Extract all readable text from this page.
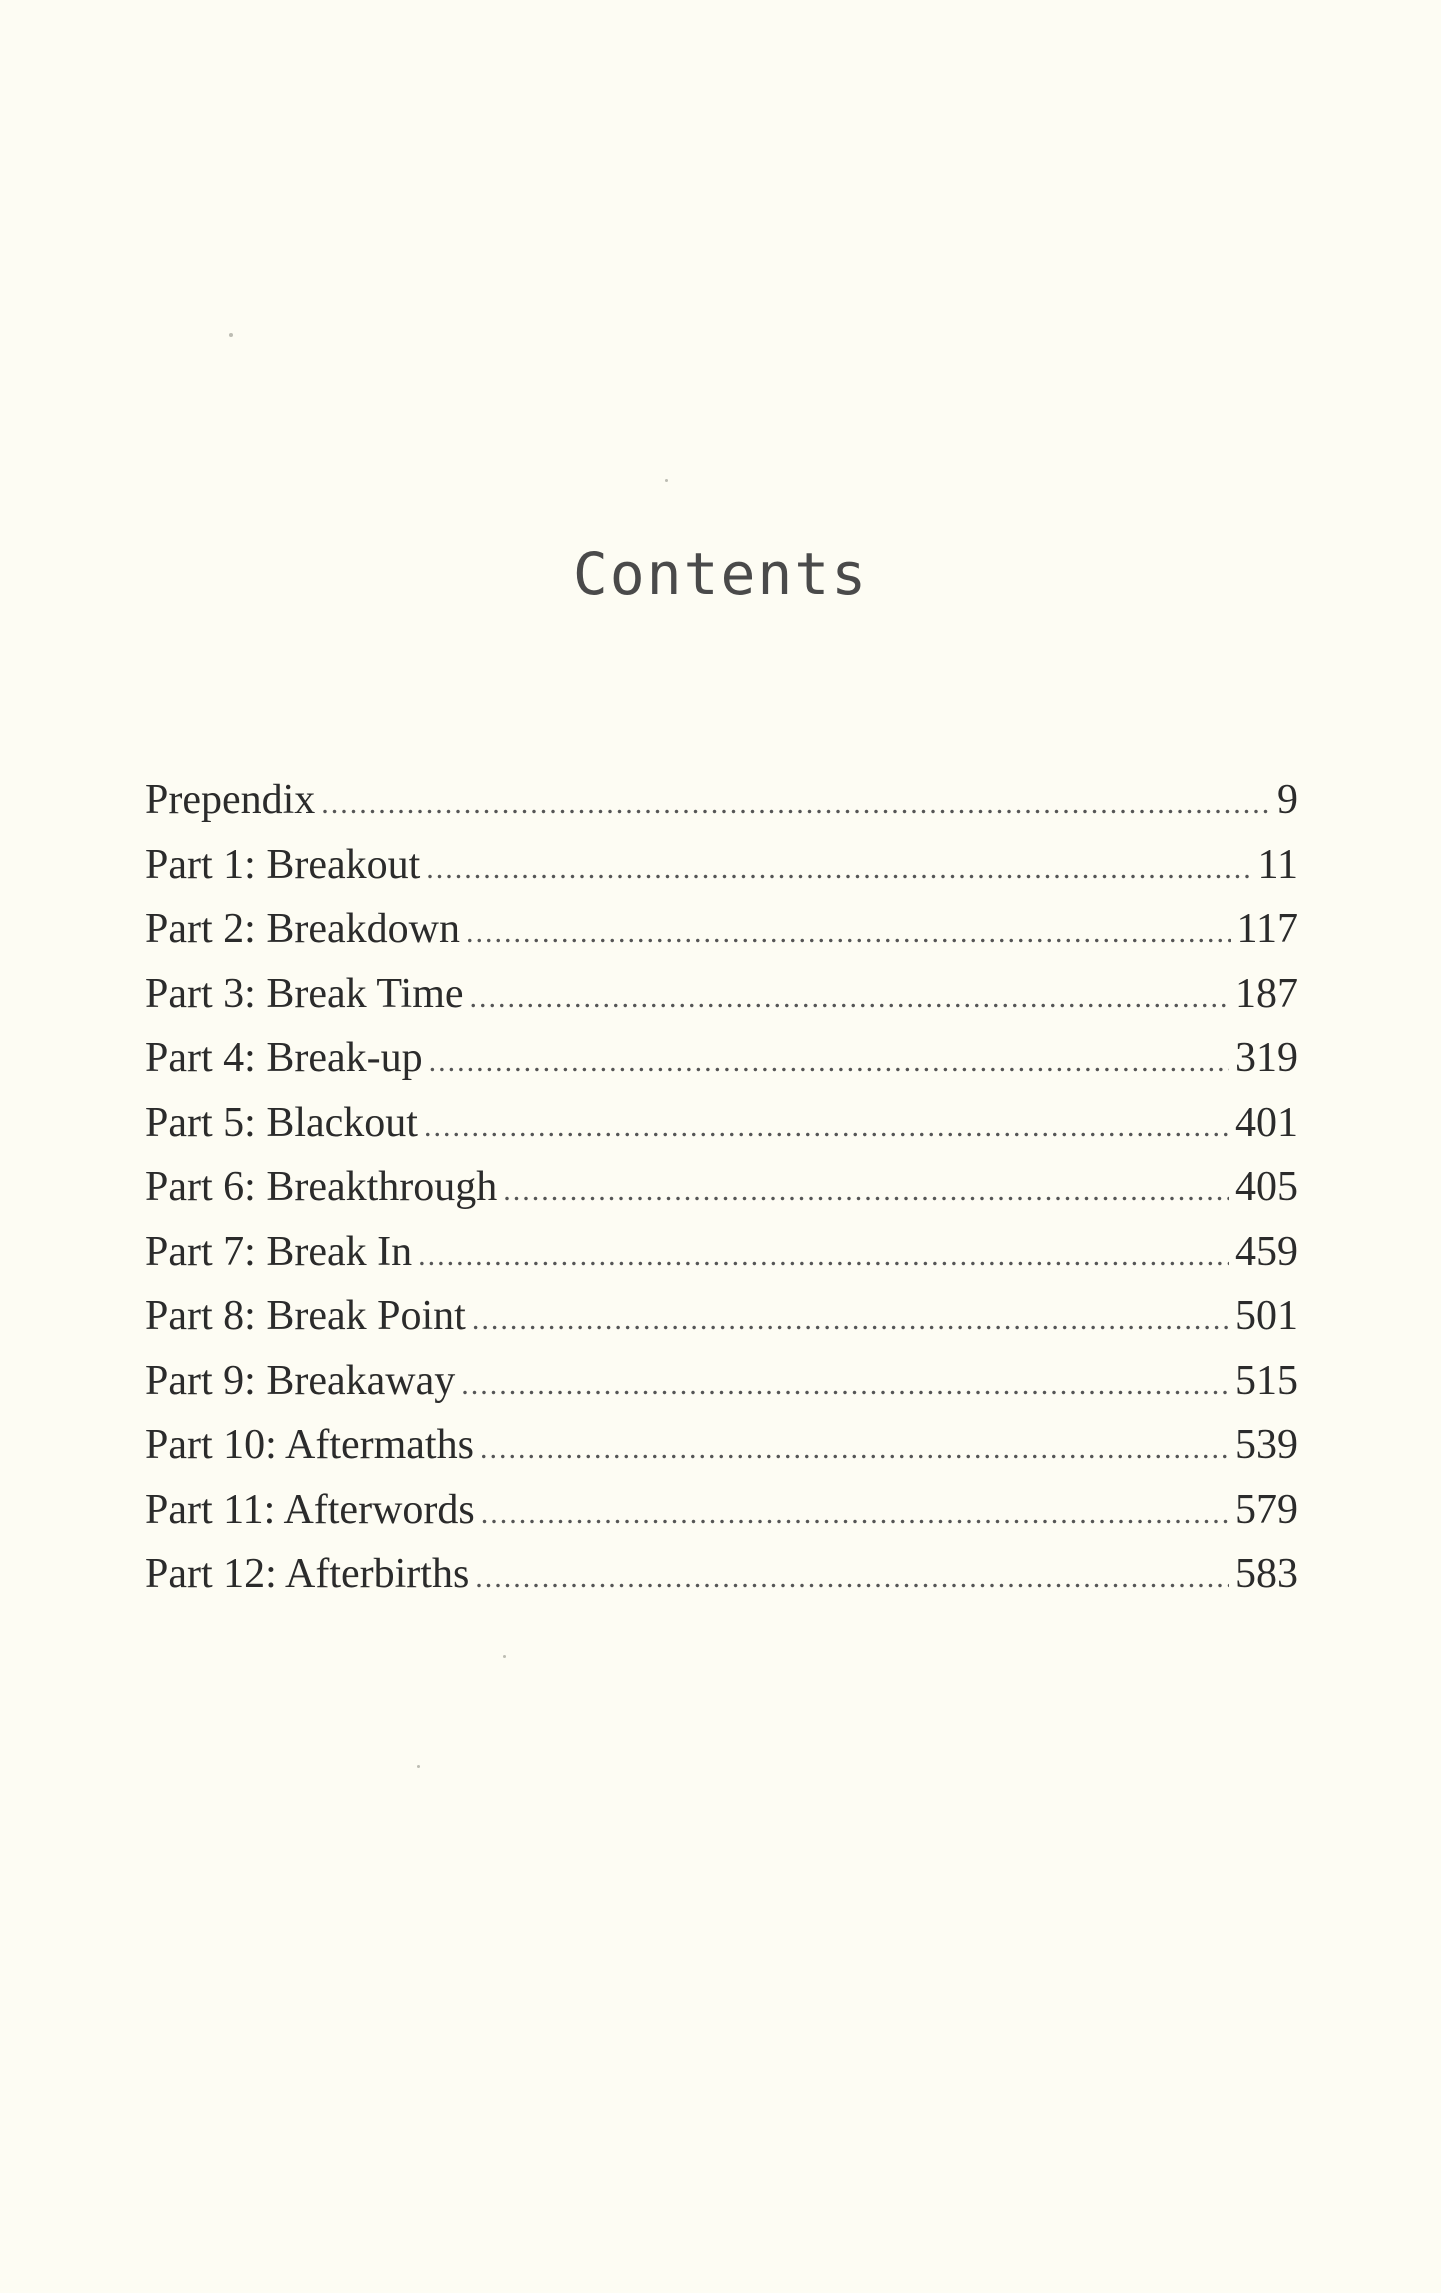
Contents
Prependix .....	9
Part 1: Breakout .....	11
Part 2: Breakdown .....	117
Part 3: Break Time .....	187
Part 4: Break-up .....	319
Part 5: Blackout .....	401
Part 6: Breakthrough .....	405
Part 7: Break In .....	459
Part 8: Break Point .....	501
Part 9: Breakaway .....	515
Part 10: Aftermaths .....	539
Part 11: Afterwords .....	579
Part 12: Afterbirths .....	583
